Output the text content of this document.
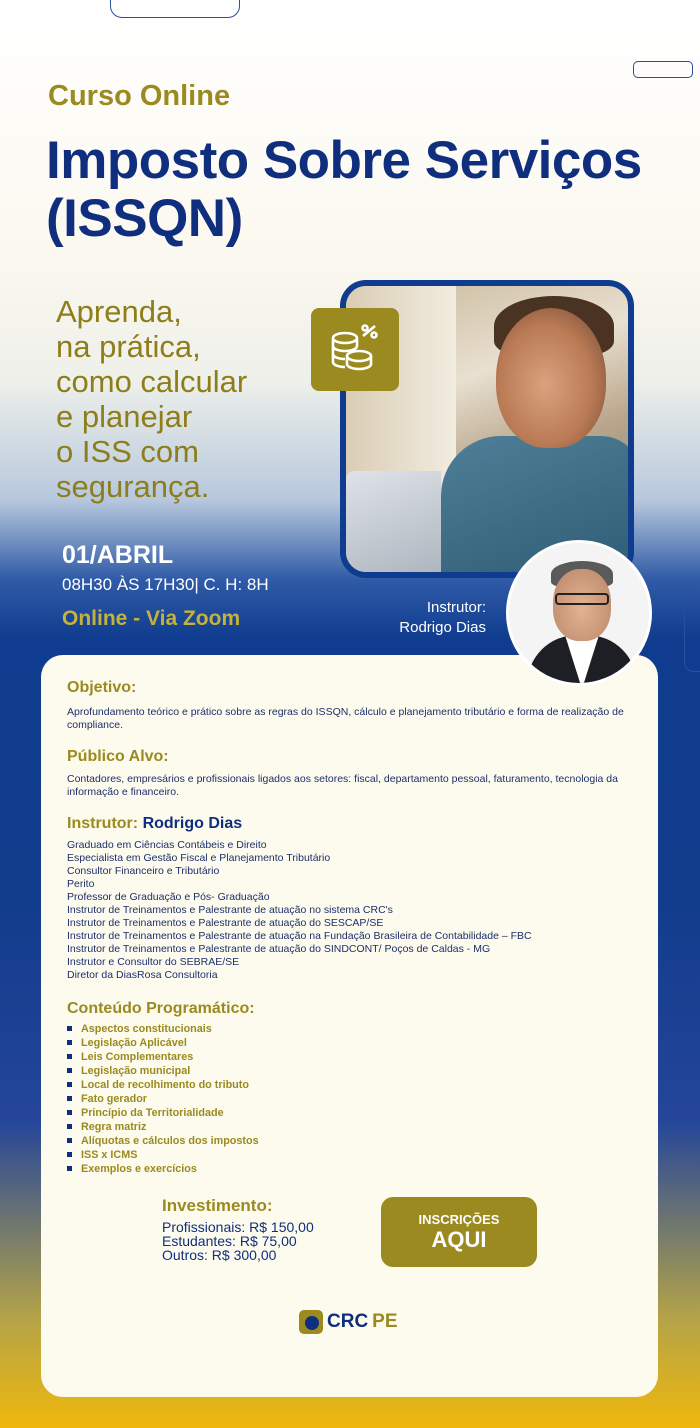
Curso Online
Imposto Sobre Serviços (ISSQN)
Aprenda,
na prática,
como calcular
e planejar
o ISS com
segurança.
01/ABRIL
08H30 ÀS 17H30| C. H: 8H
Online - Via Zoom	Instrutor:
Rodrigo Dias
Objetivo:
Aprofundamento teórico e prático sobre as regras do ISSQN, cálculo e planejamento tributário e forma de realização de compliance.
Público Alvo:
Contadores, empresários e profissionais ligados aos setores: fiscal, departamento pessoal, faturamento, tecnologia da informação e financeiro.
Instrutor: Rodrigo Dias
Graduado em Ciências Contábeis e Direito
Especialista em Gestão Fiscal e Planejamento Tributário
Consultor Financeiro e Tributário
Perito
Professor de Graduação e Pós- Graduação
Instrutor de Treinamentos e Palestrante de atuação no sistema CRC's
Instrutor de Treinamentos e Palestrante de atuação do SESCAP/SE
Instrutor de Treinamentos e Palestrante de atuação na Fundação Brasileira de Contabilidade – FBC
Instrutor de Treinamentos e Palestrante de atuação do SINDCONT/ Poços de Caldas - MG
Instrutor e Consultor do SEBRAE/SE
Diretor da DiasRosa Consultoria
Conteúdo Programático:
Aspectos constitucionais
Legislação Aplicável
Leis Complementares
Legislação municipal
Local de recolhimento do tributo
Fato gerador
Princípio da Territorialidade
Regra matriz
Alíquotas e cálculos dos impostos
ISS x ICMS
Exemplos e exercícios
Investimento:
Profissionais: R$ 150,00
Estudantes: R$ 75,00
Outros: R$ 300,00
INSCRIÇÕES
AQUI
CRC PE
